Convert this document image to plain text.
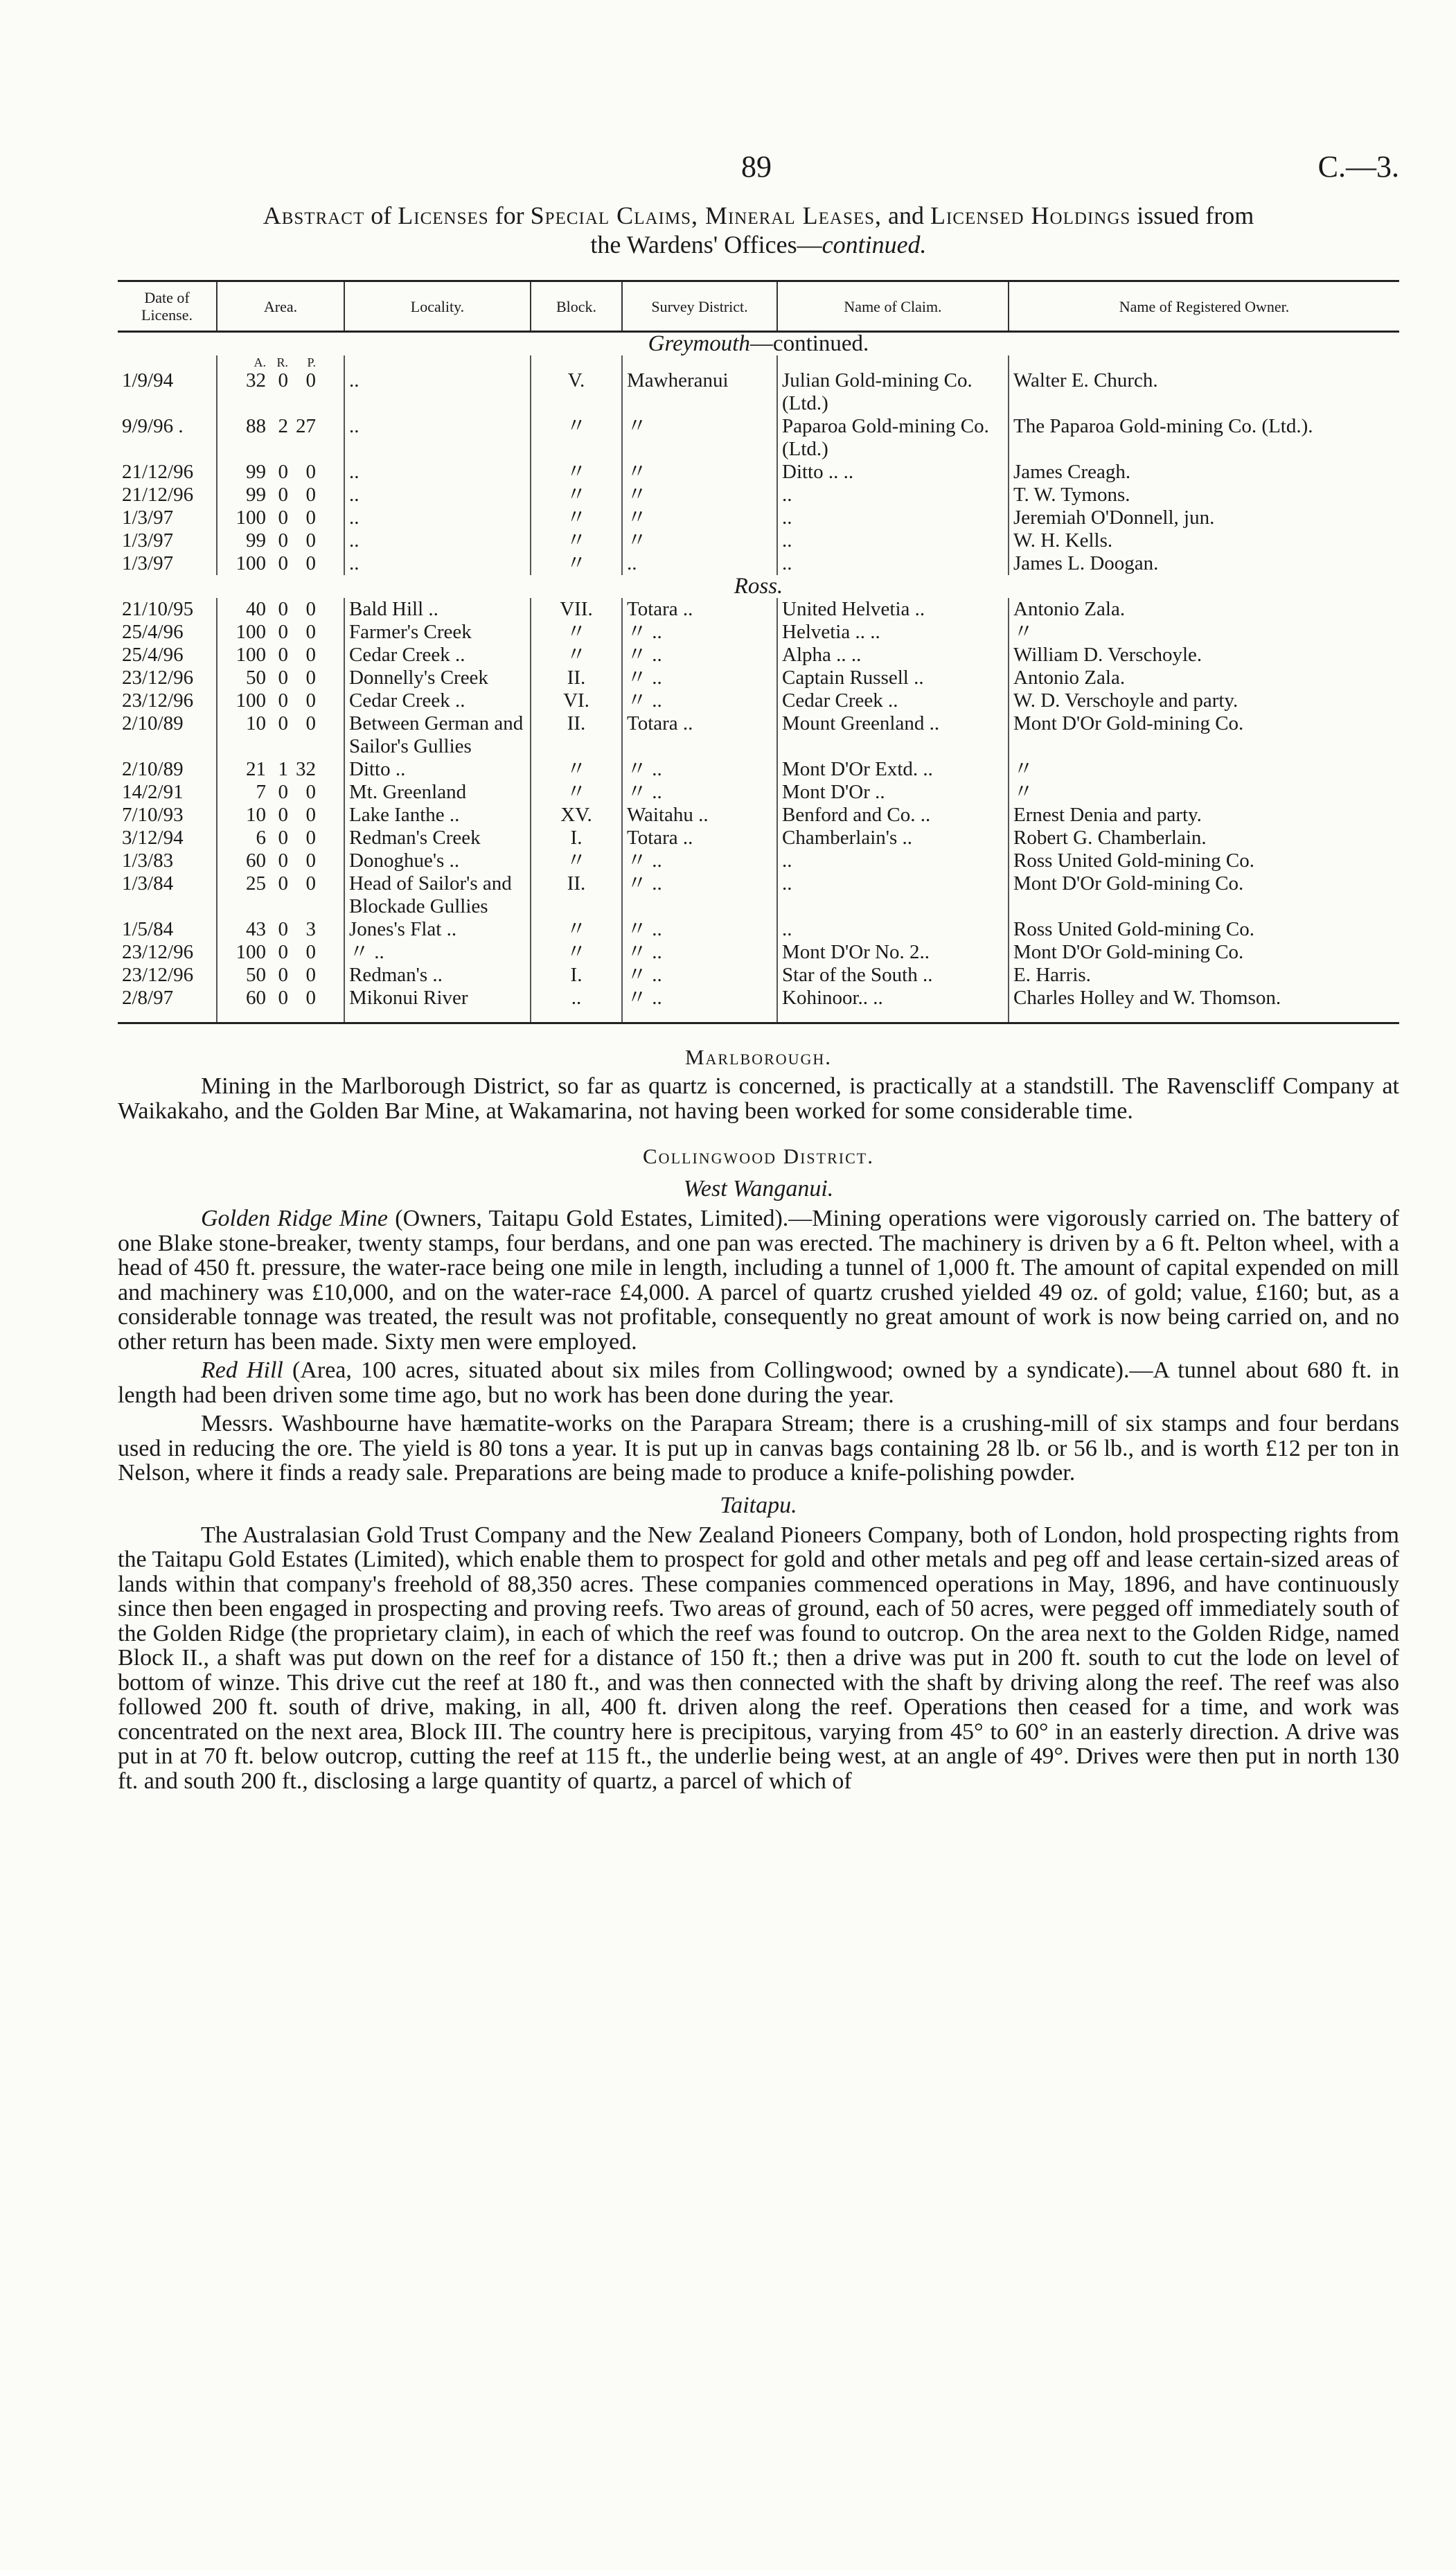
89	C.—3.
Abstract of Licenses for Special Claims, Mineral Leases, and Licensed Holdings issued from
the Wardens' Offices—continued.
Date of License.	Area.	Locality.	Block.	Survey District.	Name of Claim.	Name of Registered Owner.
Greymouth—continued.						
	A. R. P.					
1/9/94	32 0 0	..	V.	Mawheranui	Julian Gold-mining Co. (Ltd.)	Walter E. Church.
9/9/96 .	88 2 27	..	〃	〃	Paparoa Gold-mining Co. (Ltd.)	The Paparoa Gold-mining Co. (Ltd.).
21/12/96	99 0 0	..	〃	〃	Ditto .. ..	James Creagh.
21/12/96	99 0 0	..	〃	〃	..	T. W. Tymons.
1/3/97	100 0 0	..	〃	〃	..	Jeremiah O'Donnell, jun.
1/3/97	99 0 0	..	〃	〃	..	W. H. Kells.
1/3/97	100 0 0	..	〃	..	..	James L. Doogan.
Ross.						
21/10/95	40 0 0	Bald Hill ..	VII.	Totara ..	United Helvetia ..	Antonio Zala.
25/4/96	100 0 0	Farmer's Creek	〃	〃 ..	Helvetia .. ..	〃
25/4/96	100 0 0	Cedar Creek ..	〃	〃 ..	Alpha .. ..	William D. Verschoyle.
23/12/96	50 0 0	Donnelly's Creek	II.	〃 ..	Captain Russell ..	Antonio Zala.
23/12/96	100 0 0	Cedar Creek ..	VI.	〃 ..	Cedar Creek ..	W. D. Verschoyle and party.
2/10/89	10 0 0	Between German and Sailor's Gullies	II.	Totara ..	Mount Greenland ..	Mont D'Or Gold-mining Co.
2/10/89	21 1 32	Ditto ..	〃	〃 ..	Mont D'Or Extd. ..	〃
14/2/91	7 0 0	Mt. Greenland	〃	〃 ..	Mont D'Or ..	〃
7/10/93	10 0 0	Lake Ianthe ..	XV.	Waitahu ..	Benford and Co. ..	Ernest Denia and party.
3/12/94	6 0 0	Redman's Creek	I.	Totara ..	Chamberlain's ..	Robert G. Chamberlain.
1/3/83	60 0 0	Donoghue's ..	〃	〃 ..	..	Ross United Gold-mining Co.
1/3/84	25 0 0	Head of Sailor's and Blockade Gullies	II.	〃 ..	..	Mont D'Or Gold-mining Co.
1/5/84	43 0 3	Jones's Flat ..	〃	〃 ..	..	Ross United Gold-mining Co.
23/12/96	100 0 0	〃 ..	〃	〃 ..	Mont D'Or No. 2..	Mont D'Or Gold-mining Co.
23/12/96	50 0 0	Redman's ..	I.	〃 ..	Star of the South ..	E. Harris.
2/8/97	60 0 0	Mikonui River	..	〃 ..	Kohinoor.. ..	Charles Holley and W. Thomson.
Marlborough.

Mining in the Marlborough District, so far as quartz is concerned, is practically at a standstill. The Ravenscliff Company at Waikakaho, and the Golden Bar Mine, at Wakamarina, not having been worked for some considerable time.

Collingwood District.
West Wanganui.

Golden Ridge Mine (Owners, Taitapu Gold Estates, Limited).—Mining operations were vigorously carried on. The battery of one Blake stone-breaker, twenty stamps, four berdans, and one pan was erected. The machinery is driven by a 6 ft. Pelton wheel, with a head of 450 ft. pressure, the water-race being one mile in length, including a tunnel of 1,000 ft. The amount of capital expended on mill and machinery was £10,000, and on the water-race £4,000. A parcel of quartz crushed yielded 49 oz. of gold; value, £160; but, as a considerable tonnage was treated, the result was not profitable, consequently no great amount of work is now being carried on, and no other return has been made. Sixty men were employed.

Red Hill (Area, 100 acres, situated about six miles from Collingwood; owned by a syndicate).—A tunnel about 680 ft. in length had been driven some time ago, but no work has been done during the year.

Messrs. Washbourne have hæmatite-works on the Parapara Stream; there is a crushing-mill of six stamps and four berdans used in reducing the ore. The yield is 80 tons a year. It is put up in canvas bags containing 28 lb. or 56 lb., and is worth £12 per ton in Nelson, where it finds a ready sale. Preparations are being made to produce a knife-polishing powder.

Taitapu.

The Australasian Gold Trust Company and the New Zealand Pioneers Company, both of London, hold prospecting rights from the Taitapu Gold Estates (Limited), which enable them to prospect for gold and other metals and peg off and lease certain-sized areas of lands within that company's freehold of 88,350 acres. These companies commenced operations in May, 1896, and have continuously since then been engaged in prospecting and proving reefs. Two areas of ground, each of 50 acres, were pegged off immediately south of the Golden Ridge (the proprietary claim), in each of which the reef was found to outcrop. On the area next to the Golden Ridge, named Block II., a shaft was put down on the reef for a distance of 150 ft.; then a drive was put in 200 ft. south to cut the lode on level of bottom of winze. This drive cut the reef at 180 ft., and was then connected with the shaft by driving along the reef. The reef was also followed 200 ft. south of drive, making, in all, 400 ft. driven along the reef. Operations then ceased for a time, and work was concentrated on the next area, Block III. The country here is precipitous, varying from 45° to 60° in an easterly direction. A drive was put in at 70 ft. below outcrop, cutting the reef at 115 ft., the underlie being west, at an angle of 49°. Drives were then put in north 130 ft. and south 200 ft., disclosing a large quantity of quartz, a parcel of which of
